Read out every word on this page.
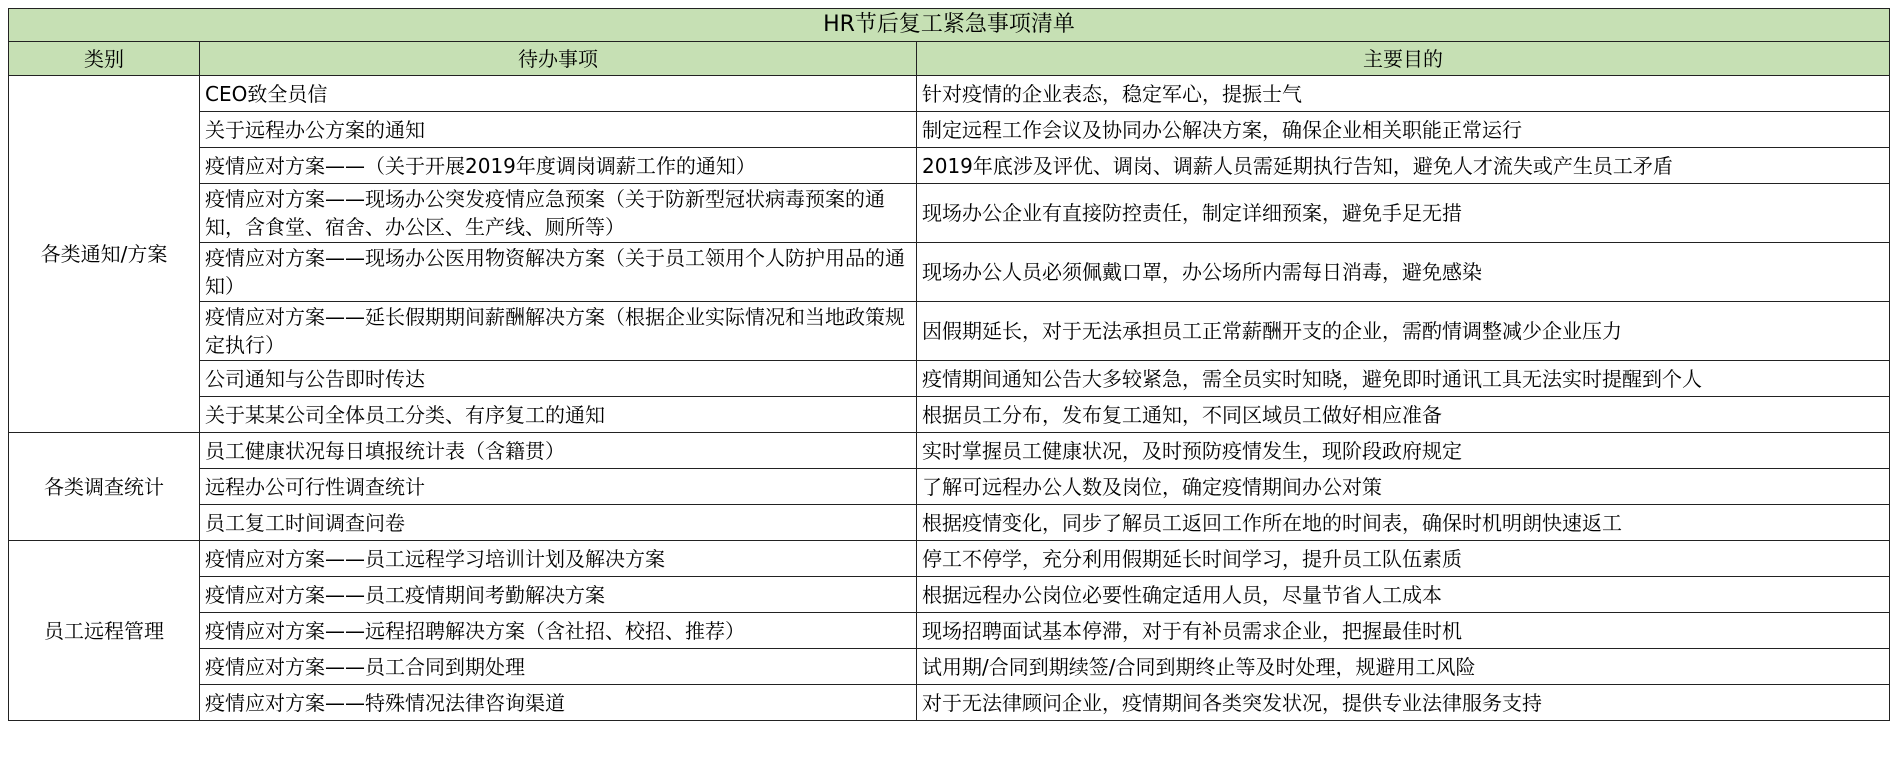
HR节后复工紧急事项清单		
类别	待办事项	主要目的
各类通知/方案	CEO致全员信	针对疫情的企业表态，稳定军心，提振士气
	关于远程办公方案的通知	制定远程工作会议及协同办公解决方案，确保企业相关职能正常运行
	疫情应对方案——（关于开展2019年度调岗调薪工作的通知）	2019年底涉及评优、调岗、调薪人员需延期执行告知，避免人才流失或产生员工矛盾
	疫情应对方案——现场办公突发疫情应急预案（关于防新型冠状病毒预案的通知，含食堂、宿舍、办公区、生产线、厕所等）	现场办公企业有直接防控责任，制定详细预案，避免手足无措
	疫情应对方案——现场办公医用物资解决方案（关于员工领用个人防护用品的通知）	现场办公人员必须佩戴口罩，办公场所内需每日消毒，避免感染
	疫情应对方案——延长假期期间薪酬解决方案（根据企业实际情况和当地政策规定执行）	因假期延长，对于无法承担员工正常薪酬开支的企业，需酌情调整减少企业压力
	公司通知与公告即时传达	疫情期间通知公告大多较紧急，需全员实时知晓，避免即时通讯工具无法实时提醒到个人
	关于某某公司全体员工分类、有序复工的通知	根据员工分布，发布复工通知，不同区域员工做好相应准备
各类调查统计	员工健康状况每日填报统计表（含籍贯）	实时掌握员工健康状况，及时预防疫情发生，现阶段政府规定
	远程办公可行性调查统计	了解可远程办公人数及岗位，确定疫情期间办公对策
	员工复工时间调查问卷	根据疫情变化，同步了解员工返回工作所在地的时间表，确保时机明朗快速返工
员工远程管理	疫情应对方案——员工远程学习培训计划及解决方案	停工不停学，充分利用假期延长时间学习，提升员工队伍素质
	疫情应对方案——员工疫情期间考勤解决方案	根据远程办公岗位必要性确定适用人员，尽量节省人工成本
	疫情应对方案——远程招聘解决方案（含社招、校招、推荐）	现场招聘面试基本停滞，对于有补员需求企业，把握最佳时机
	疫情应对方案——员工合同到期处理	试用期/合同到期续签/合同到期终止等及时处理，规避用工风险
	疫情应对方案——特殊情况法律咨询渠道	对于无法律顾问企业，疫情期间各类突发状况，提供专业法律服务支持
